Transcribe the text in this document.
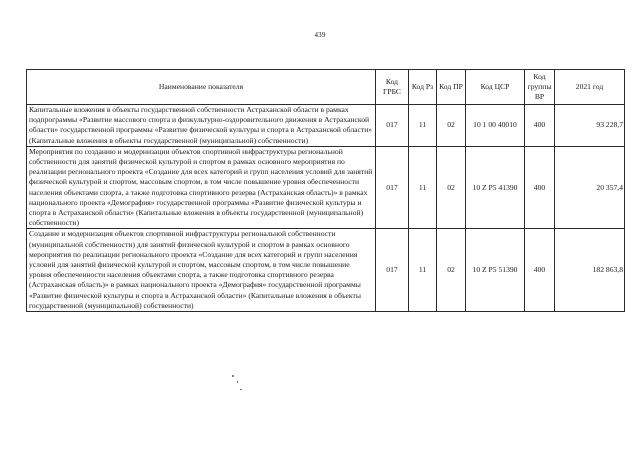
439
Наименование показателя	Код ГРБС	Код Рз	Код ПР	Код ЦСР	Код группы ВР	2021 год
Капитальные вложения в объекты государственной собственности Астраханской области в рамках подпрограммы «Развитие массового спорта и физкультурно-оздоровительного движения в Астраханской области» государственной программы «Развитие физической культуры и спорта в Астраханской области» (Капитальные вложения в объекты государственной (муниципальной) собственности)	017	11	02	10 1 00 40010	400	93 228,7
Мероприятия по созданию и модернизации объектов спортивной инфраструктуры региональной собственности для занятий физической культурой и спортом в рамках основного мероприятия по реализации регионального проекта «Создание для всех категорий и групп населения условий для занятий физической культурой и спортом, массовым спортом, в том числе повышение уровня обеспеченности населения объектами спорта, а также подготовка спортивного резерва (Астраханская область)» в рамках национального проекта «Демография» государственной программы «Развитие физической культуры и спорта в Астраханской области» (Капитальные вложения в объекты государственной (муниципальной) собственности)	017	11	02	10 Z P5 41390	400	20 357,4
Создание и модернизация объектов спортивной инфраструктуры региональной собственности (муниципальной собственности) для занятий физической культурой и спортом в рамках основного мероприятия по реализации регионального проекта «Создание для всех категорий и групп населения условий для занятий физической культурой и спортом, массовым спортом, в том числе повышение уровня обеспеченности населения объектами спорта, а также подготовка спортивного резерва (Астраханская область)» в рамках национального проекта «Демография» государственной программы «Развитие физической культуры и спорта в Астраханской области» (Капитальные вложения в объекты государственной (муниципальной) собственности)	017	11	02	10 Z P5 51390	400	182 863,8
